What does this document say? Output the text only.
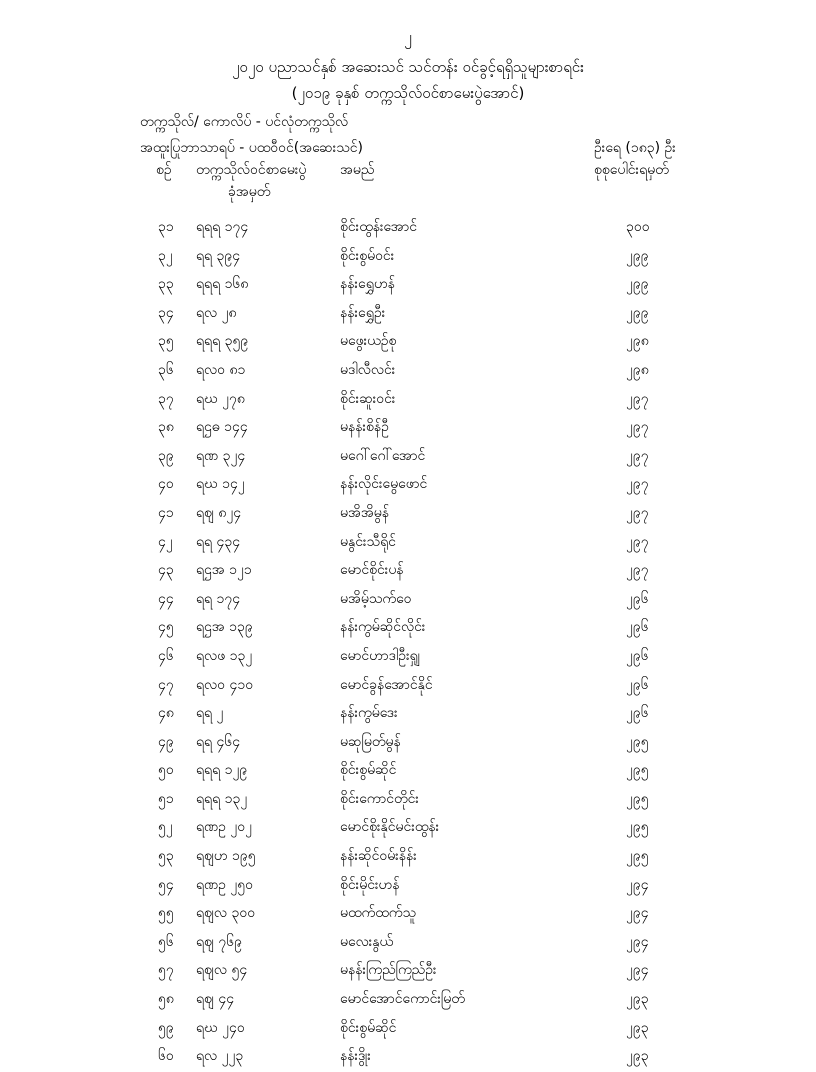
၂
၂၀၂၀ ပညာသင်နှစ် အဆေးသင် သင်တန်း ဝင်ခွင့်ရရှိသူများစာရင်း
(၂၀၁၉ ခုနှစ် တက္ကသိုလ်ဝင်စာမေးပွဲအောင်)
တက္ကသိုလ်/ ကောလိပ် - ပင်လုံတက္ကသိုလ်
အထူးပြုဘာသာရပ် - ပထဝီဝင်(အဆေးသင်)	ဦးရေ (၁၈၃) ဦး
စဉ် တက္ကသိုလ်ဝင်စာမေးပွဲ
ခုံအမှတ်
အမည်	စုစုပေါင်းရမှတ်
၃၁ ရရရ ၁၇၄	စိုင်းထွန်းအောင်	၃၀၀
၃၂ ရရ ၃၉၄	စိုင်းစွမ်ဝင်း	၂၉၉
၃၃ ရရရ ၁၆၈	နန်းရွှေဟန်	၂၉၉
၃၄ ရလ ၂၈	နန်းရွှေဦး	၂၉၉
၃၅ ရရရ ၃၅၉	မဖွေးယဉ်စု	၂၉၈
၃၆ ရလဝ ၈၁	မဒါလီလင်း	၂၉၈
၃၇ ရဃ ၂၇၈	စိုင်းဆူးဝင်း	၂၉၇
၃၈ ရဌဓ ၁၄၄	မနန်းစိန်ဦ	၂၉၇
၃၉ ရဏ ၃၂၄	မဂေါ်ဂေါ်အောင်	၂၉၇
၄၀ ရဃ ၁၄၂	နန်းလိုင်းမွေဖောင်	၂၉၇
၄၁ ရဈ ၈၂၄	မအိအိမွန်	၂၉၇
၄၂ ရရ ၄၃၄	မနွင်းသီရိုင်	၂၉၇
၄၃ ရဌအ ၁၂၁	မောင်စိုင်းပန်	၂၉၇
၄၄ ရရ ၁၇၄	မအိမ့်သက်ဝေ	၂၉၆
၄၅ ရဌအ ၁၃၉	နန်းကွမ်ဆိုင်လိုင်း	၂၉၆
၄၆ ရလဖ ၁၃၂	မောင်ဟာဒါဦးရျှ	၂၉၆
၄၇ ရလဝ ၄၁၀	မောင်ခွန်အောင်နိုင်	၂၉၆
၄၈ ရရ ၂	နန်းကွမ်ဒေး	၂၉၆
၄၉ ရရ ၄၆၄	မဆုမြတ်မွန်	၂၉၅
၅၀ ရရရ ၁၂၉	စိုင်းစွမ်ဆိုင်	၂၉၅
၅၁ ရရရ ၁၃၂	စိုင်းကောင်တိုင်း	၂၉၅
၅၂ ရဏဥ ၂၀၂	မောင်စိုးနိုင်မင်းထွန်း	၂၉၅
၅၃ ရဈဟ ၁၉၅	နန်းဆိုင်ဝမ်းနိန်း	၂၉၅
၅၄ ရဏဥ ၂၅၀	စိုင်းမိုင်းဟန်	၂၉၄
၅၅ ရဈလ ၃၀၀	မထက်ထက်သူ	၂၉၄
၅၆ ရဈ ၇၆၉	မလေးနွယ်	၂၉၄
၅၇ ရဈလ ၅၄	မနန်းကြည်ကြည်ဦး	၂၉၄
၅၈ ရဈ ၄၄	မောင်အောင်ကောင်းမြတ်	၂၉၃
၅၉ ရဃ ၂၄၀	စိုင်းစွမ်ဆိုင်	၂၉၃
၆၀ ရလ ၂၂၃	နန်းဒွိုး	၂၉၃
